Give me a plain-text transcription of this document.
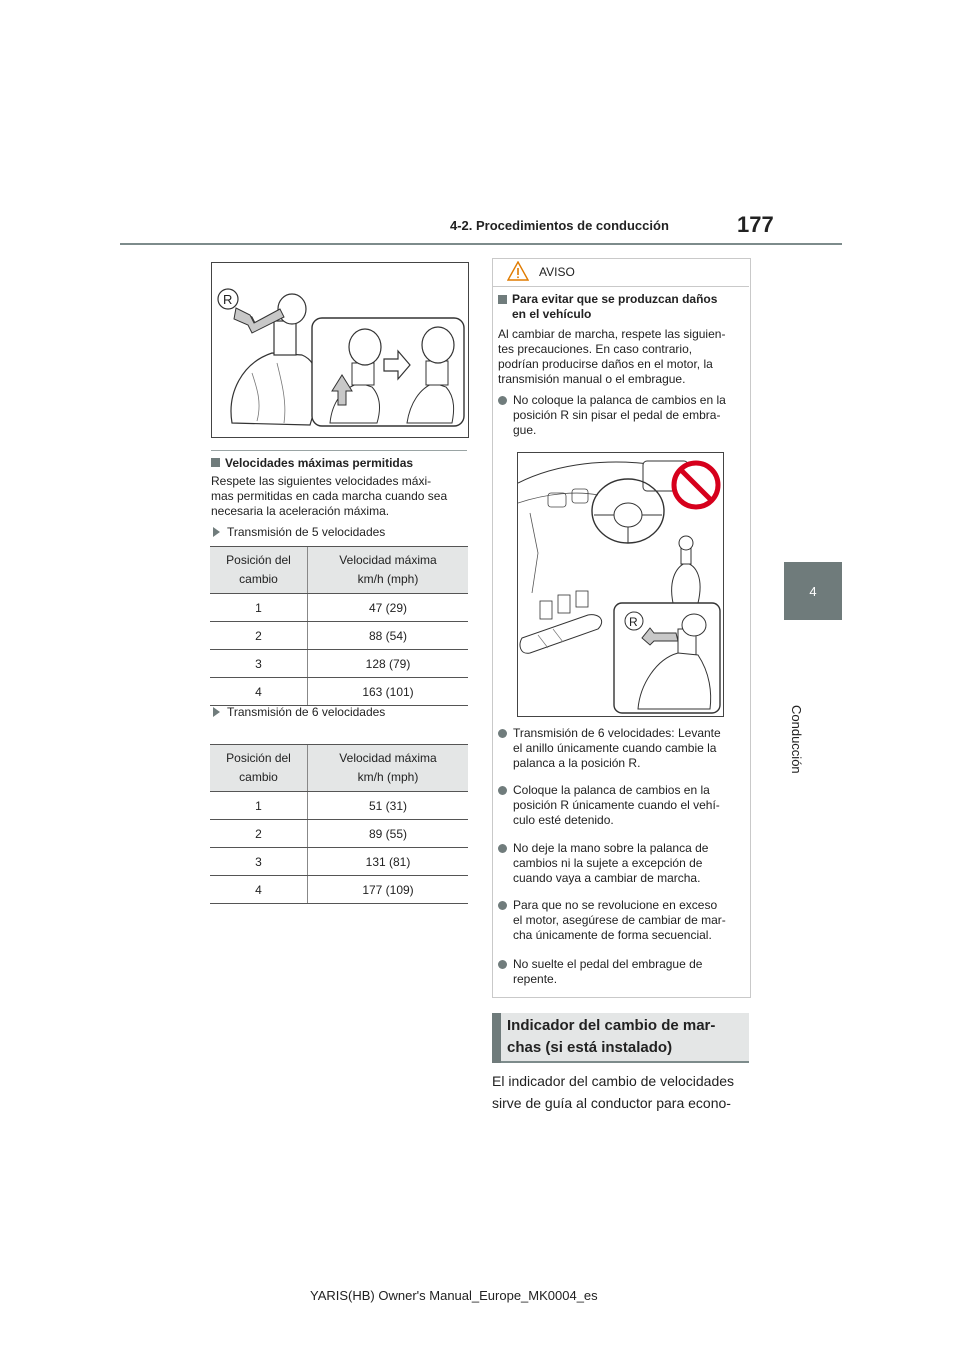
4-2. Procedimientos de conducción	177
4
Conducción
R
Velocidades máximas permitidas
Respete las siguientes velocidades máxi-
mas permitidas en cada marcha cuando sea
necesaria la aceleración máxima.
Transmisión de 5 velocidades
Posición del
cambio	Velocidad máxima
km/h (mph)
1	47 (29)
2	88 (54)
3	128 (79)
4	163 (101)
Transmisión de 6 velocidades
Posición del
cambio	Velocidad máxima
km/h (mph)
1	51 (31)
2	89 (55)
3	131 (81)
4	177 (109)
AVISO
Para evitar que se produzcan daños
en el vehículo
Al cambiar de marcha, respete las siguien-
tes precauciones. En caso contrario,
podrían producirse daños en el motor, la
transmisión manual o el embrague.
No coloque la palanca de cambios en la
posición R sin pisar el pedal de embra-
gue.
R
Transmisión de 6 velocidades: Levante
el anillo únicamente cuando cambie la
palanca a la posición R.
Coloque la palanca de cambios en la
posición R únicamente cuando el vehí-
culo esté detenido.
No deje la mano sobre la palanca de
cambios ni la sujete a excepción de
cuando vaya a cambiar de marcha.
Para que no se revolucione en exceso
el motor, asegúrese de cambiar de mar-
cha únicamente de forma secuencial.
No suelte el pedal del embrague de
repente.
Indicador del cambio de mar-
chas (si está instalado)
El indicador del cambio de velocidades
sirve de guía al conductor para econo-
YARIS(HB) Owner's Manual_Europe_MK0004_es
